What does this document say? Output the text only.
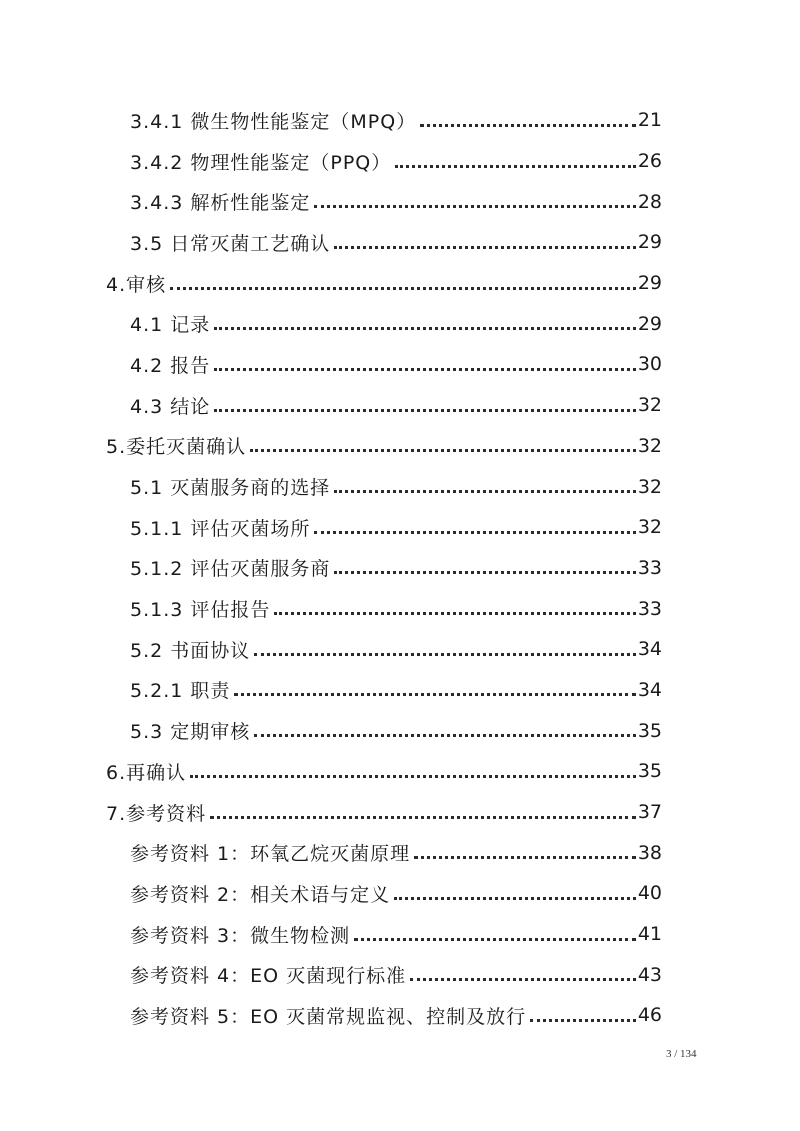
3.4.1 微生物性能鉴定（MPQ）	21
3.4.2 物理性能鉴定（PPQ）	26
3.4.3 解析性能鉴定	28
3.5 日常灭菌工艺确认	29
4.审核	29
4.1 记录	29
4.2 报告	30
4.3 结论	32
5.委托灭菌确认	32
5.1 灭菌服务商的选择	32
5.1.1 评估灭菌场所	32
5.1.2 评估灭菌服务商	33
5.1.3 评估报告	33
5.2 书面协议	34
5.2.1 职责	34
5.3 定期审核	35
6.再确认	35
7.参考资料	37
参考资料 1：环氧乙烷灭菌原理	38
参考资料 2：相关术语与定义	40
参考资料 3：微生物检测	41
参考资料 4：EO 灭菌现行标准	43
参考资料 5：EO 灭菌常规监视、控制及放行	46
3 / 134
